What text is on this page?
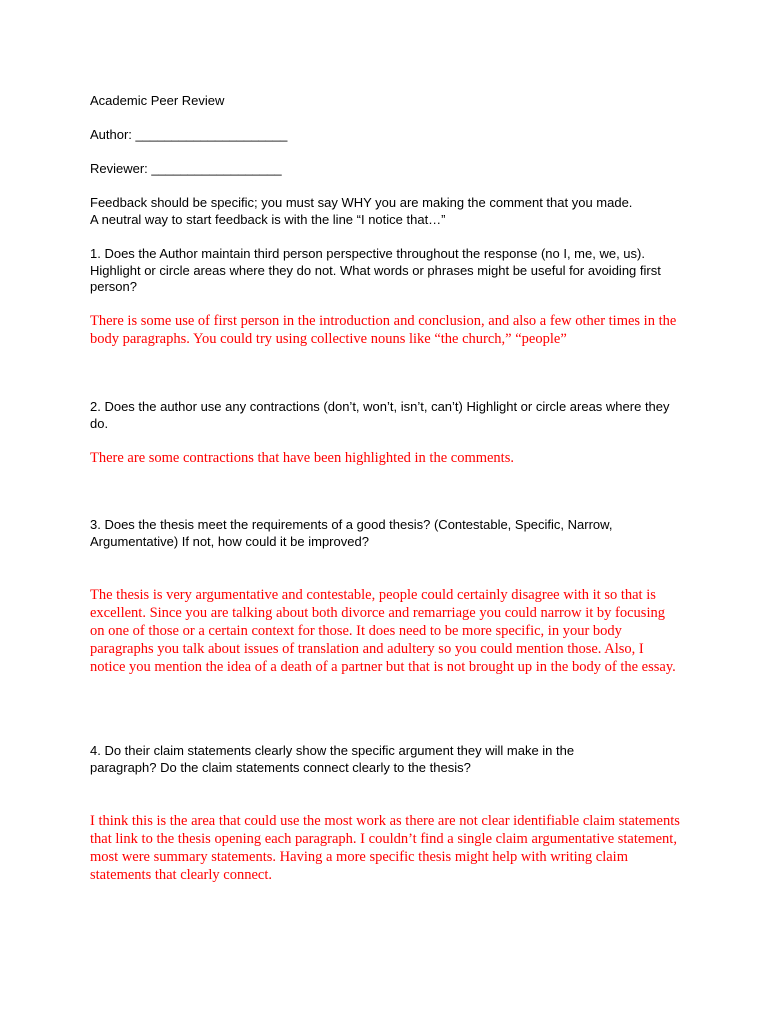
Academic Peer Review
Author: _____________________
Reviewer: __________________

Feedback should be specific; you must say WHY you are making the comment that you made.

A neutral way to start feedback is with the line “I notice that…”

1. Does the Author maintain third person perspective throughout the response (no I, me, we, us). Highlight or circle areas where they do not. What words or phrases might be useful for avoiding first person?
There is some use of first person in the introduction and conclusion, and also a few other times in the body paragraphs. You could try using collective nouns like “the church,” “people”
2. Does the author use any contractions (don’t, won’t, isn’t, can’t) Highlight or circle areas where they do.
There are some contractions that have been highlighted in the comments.
3. Does the thesis meet the requirements of a good thesis? (Contestable, Specific, Narrow, Argumentative) If not, how could it be improved?
The thesis is very argumentative and contestable, people could certainly disagree with it so that is excellent. Since you are talking about both divorce and remarriage you could narrow it by focusing on one of those or a certain context for those. It does need to be more specific, in your body paragraphs you talk about issues of translation and adultery so you could mention those. Also, I notice you mention the idea of a death of a partner but that is not brought up in the body of the essay.
4. Do their claim statements clearly show the specific argument they will make in the paragraph? Do the claim statements connect clearly to the thesis?
I think this is the area that could use the most work as there are not clear identifiable claim statements that link to the thesis opening each paragraph. I couldn’t find a single claim argumentative statement, most were summary statements. Having a more specific thesis might help with writing claim statements that clearly connect.
